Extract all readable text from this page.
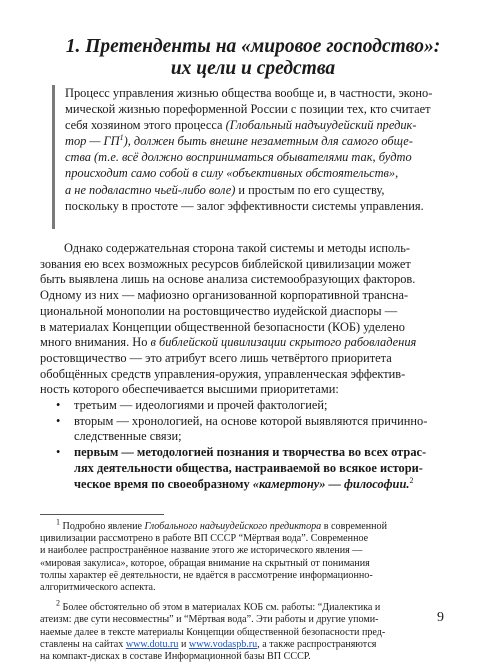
1. Претенденты на «мировое господство»:
их цели и средства
Процесс управления жизнью общества вообще и, в частности, эконо-
мической жизнью пореформенной России с позиции тех, кто считает
себя хозяином этого процесса (Глобальный надъиудейский предик-
тор — $ГП^1$), должен быть внешне незаметным для самого обще-
ства (т.е. всё должно восприниматься обывателями так, будто
происходит само собой в силу «объективных обстоятельств»,
а не подвластно чьей-либо воле) и простым по его существу,
поскольку в простоте — залог эффективности системы управления.
Однако содержательная сторона такой системы и методы исполь-
зования ею всех возможных ресурсов библейской цивилизации может
быть выявлена лишь на основе анализа системообразующих факторов.
Одному из них — мафиозно организованной корпоративной трансна-
циональной монополии на ростовщичество иудейской диаспоры —
в материалах Концепции общественной безопасности (КОБ) уделено
много внимания. Но в библейской цивилизации скрытого рабовладения
ростовщичество — это атрибут всего лишь четвёртого приоритета
обобщённых средств управления-оружия, управленческая эффектив-
ность которого обеспечивается высшими приоритетами:
• третьим — идеологиями и прочей фактологией;
• вторым — хронологией, на основе которой выявляются причинно-
следственные связи;
• первым — методологией познания и творчества во всех отрас-
лях деятельности общества, настраиваемой во всякое истори-
ческое время по своеобразному «камертону» — философии.$^2$
$^1$ Подробно явление Глобального надъиудейского предиктора в современной
цивилизации рассмотрено в работе ВП СССР “Мёртвая вода”. Современное
и наиболее распространённое название этого же исторического явления —
«мировая закулиса», которое, обращая внимание на скрытный от понимания
толпы характер её деятельности, не вдаётся в рассмотрение информационно-
алгоритмического аспекта.
$^2$ Более обстоятельно об этом в материалах КОБ см. работы: “Диалектика и
атеизм: две сути несовместны” и “Мёртвая вода”. Эти работы и другие упоми-
наемые далее в тексте материалы Концепции общественной безопасности пред-
ставлены на сайтах www.dotu.ru и www.vodaspb.ru, а также распространяются
на компакт-дисках в составе Информационной базы ВП СССР.
9
